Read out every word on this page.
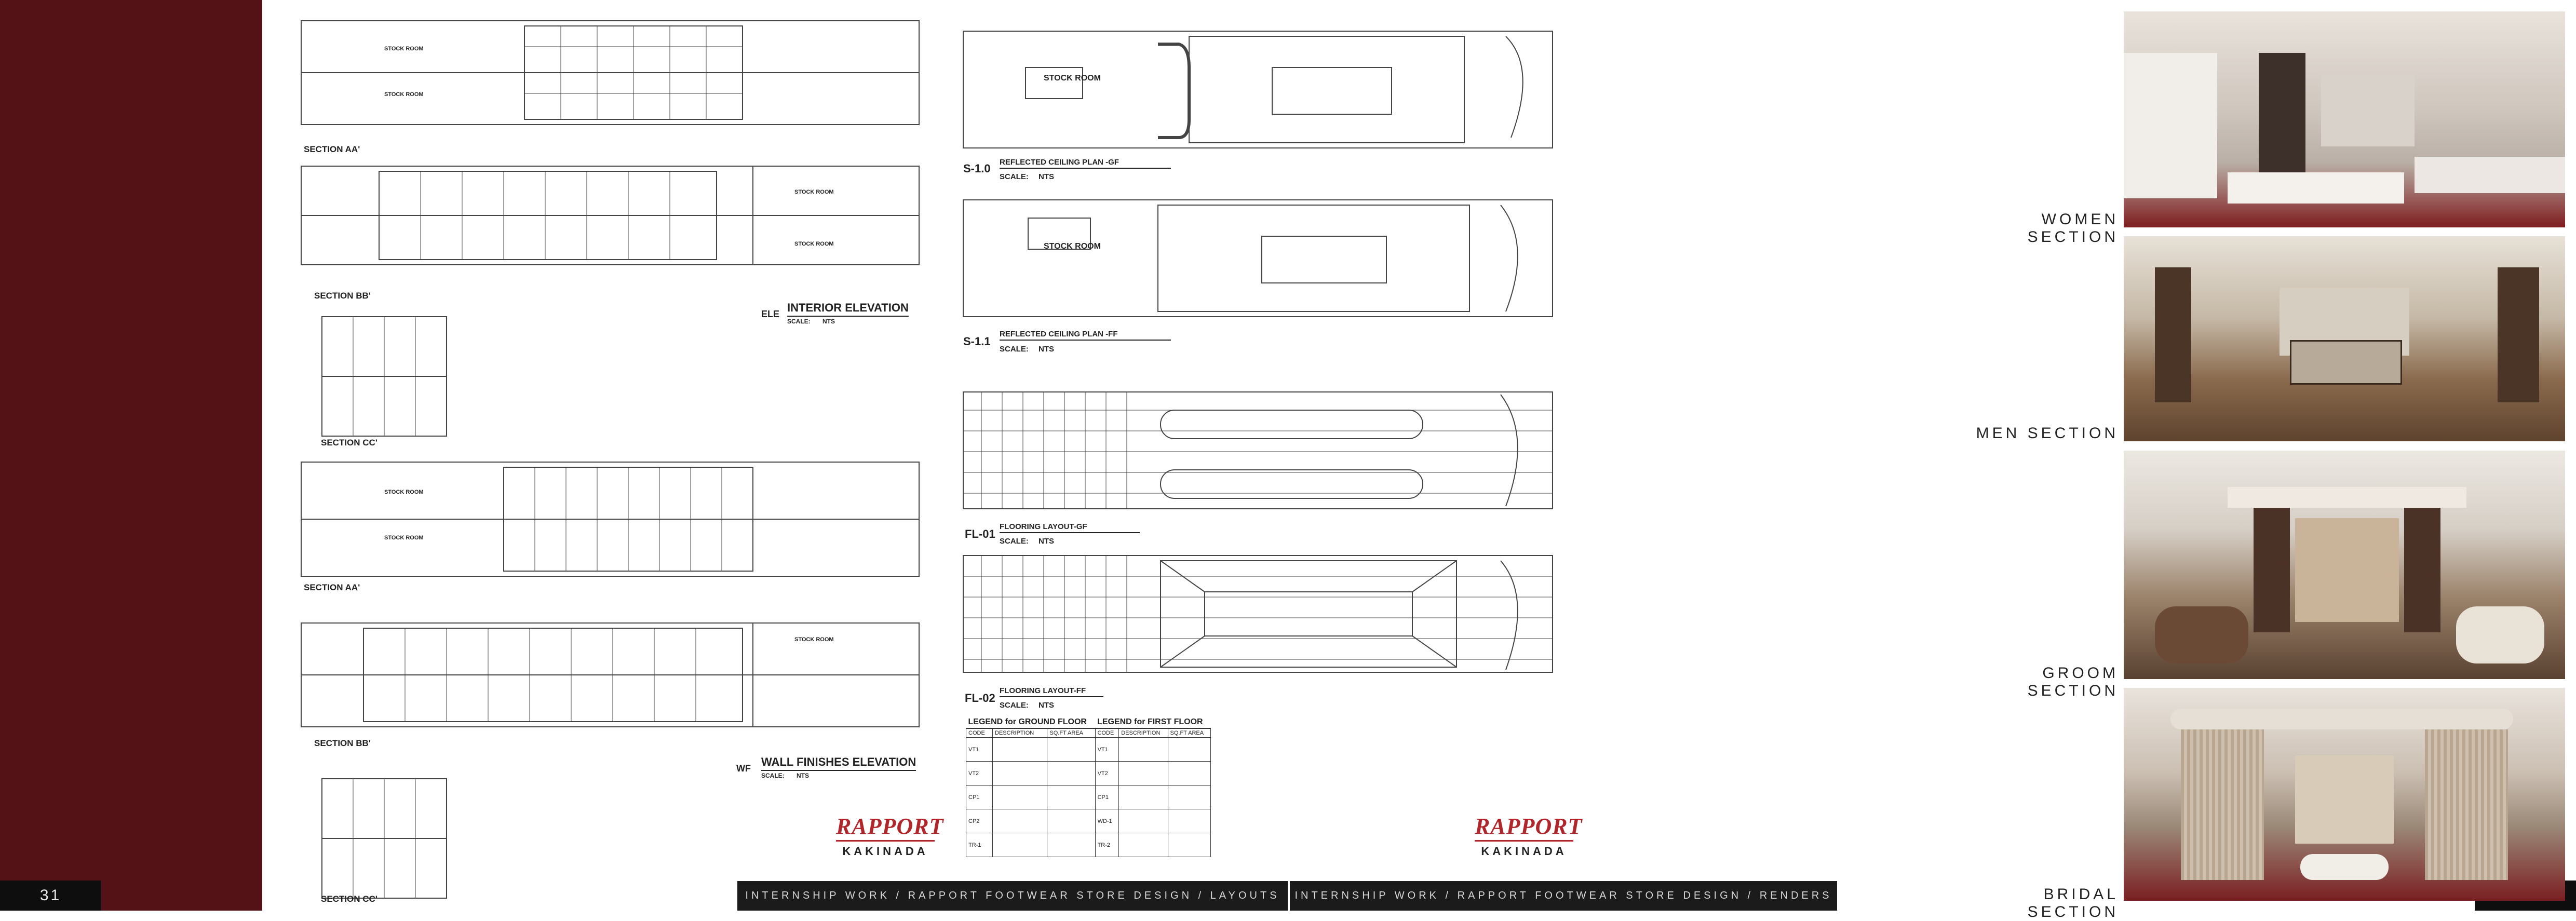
31	INTERNSHIP WORK / RAPPORT FOOTWEAR STORE DESIGN / LAYOUTS	INTERNSHIP WORK / RAPPORT FOOTWEAR STORE DESIGN / RENDERS
STOCK ROOM
STOCK ROOM
STOCK ROOM
STOCK ROOM
STOCK ROOM
STOCK ROOM
STOCK ROOM
SECTION AA'
SECTION BB'
SECTION CC'
SECTION AA'
SECTION BB'
SECTION CC'
ELE INTERIOR ELEVATION
SCALE: NTS
WF WALL FINISHES ELEVATION
SCALE: NTS
STOCK ROOM
STOCK ROOM
S-1.0 REFLECTED CEILING PLAN -GF
SCALE: NTS
S-1.1
REFLECTED CEILING PLAN -FF
SCALE: NTS
FL-01
FLOORING LAYOUT-GF
SCALE: NTS
FL-02
FLOORING LAYOUT-FF
SCALE: NTS
LEGEND for GROUND FLOOR			LEGEND for FIRST FLOOR		
CODE	DESCRIPTION	SQ.FT AREA	CODE	DESCRIPTION	SQ.FT AREA
VT1			VT1		
VT2			VT2		
CP1			CP1		
CP2			WD-1		
TR-1			TR-2		
RAPPORT
KAKINADA
RAPPORT
KAKINADA
WOMEN SECTION
MEN SECTION
GROOM SECTION
BRIDAL SECTION
